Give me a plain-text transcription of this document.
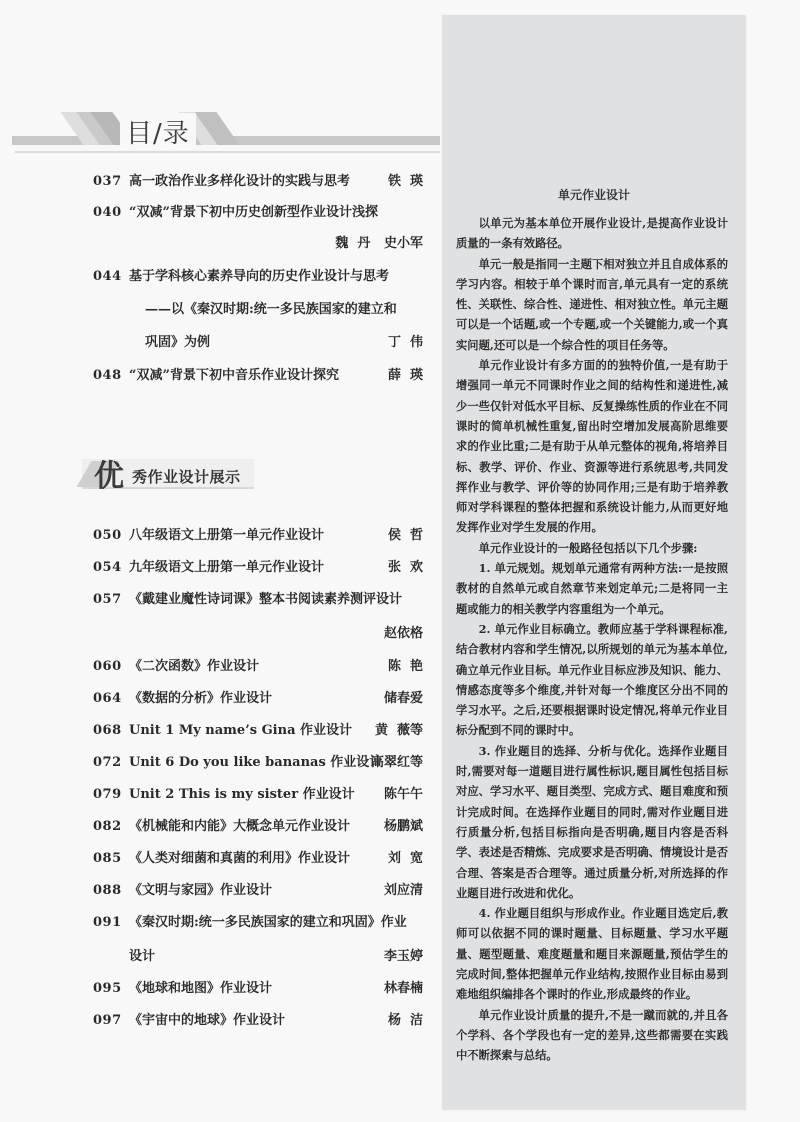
目/录
037 高一政治作业多样化设计的实践与思考	铁  瑛
040 “双减”背景下初中历史创新型作业设计浅探
魏  丹   史小军
044 基于学科核心素养导向的历史作业设计与思考
——以《秦汉时期:统一多民族国家的建立和
巩固》为例	丁  伟
048 “双减”背景下初中音乐作业设计探究	薛  瑛
优 秀作业设计展示
050 八年级语文上册第一单元作业设计	侯  哲
054 九年级语文上册第一单元作业设计	张  欢
057 《戴建业魔性诗词课》整本书阅读素养测评设计
赵依格
060 《二次函数》作业设计	陈  艳
064 《数据的分析》作业设计	储春爱
068 Unit 1 My name’s Gina 作业设计 黄  薇等
072 Unit 6 Do you like bananas 作业设计
高翠红等
079 Unit 2 This is my sister 作业设计 陈午午
082 《机械能和内能》大概念单元作业设计	杨鹏斌
085 《人类对细菌和真菌的利用》作业设计	刘  宽
088 《文明与家园》作业设计	刘应清
091 《秦汉时期:统一多民族国家的建立和巩固》作业
设计	李玉婷
095 《地球和地图》作业设计	林春楠
097 《宇宙中的地球》作业设计	杨  洁
单元作业设计

以单元为基本单位开展作业设计,是提高作业设计质量的一条有效路径。

单元一般是指同一主题下相对独立并且自成体系的学习内容。相较于单个课时而言,单元具有一定的系统性、关联性、综合性、递进性、相对独立性。单元主题可以是一个话题,或一个专题,或一个关键能力,或一个真实问题,还可以是一个综合性的项目任务等。

单元作业设计有多方面的的独特价值,一是有助于增强同一单元不同课时作业之间的结构性和递进性,减少一些仅针对低水平目标、反复操练性质的作业在不同课时的简单机械性重复,留出时空增加发展高阶思维要求的作业比重;二是有助于从单元整体的视角,将培养目标、教学、评价、作业、资源等进行系统思考,共同发挥作业与教学、评价等的协同作用;三是有助于培养教师对学科课程的整体把握和系统设计能力,从而更好地发挥作业对学生发展的作用。

单元作业设计的一般路径包括以下几个步骤:

1. 单元规划。规划单元通常有两种方法:一是按照教材的自然单元或自然章节来划定单元;二是将同一主题或能力的相关教学内容重组为一个单元。

2. 单元作业目标确立。教师应基于学科课程标准,结合教材内容和学生情况,以所规划的单元为基本单位,确立单元作业目标。单元作业目标应涉及知识、能力、情感态度等多个维度,并针对每一个维度区分出不同的学习水平。之后,还要根据课时设定情况,将单元作业目标分配到不同的课时中。

3. 作业题目的选择、分析与优化。选择作业题目时,需要对每一道题目进行属性标识,题目属性包括目标对应、学习水平、题目类型、完成方式、题目难度和预计完成时间。在选择作业题目的同时,需对作业题目进行质量分析,包括目标指向是否明确,题目内容是否科学、表述是否精炼、完成要求是否明确、情境设计是否合理、答案是否合理等。通过质量分析,对所选择的作业题目进行改进和优化。

4. 作业题目组织与形成作业。作业题目选定后,教师可以依据不同的课时题量、目标题量、学习水平题量、题型题量、难度题量和题目来源题量,预估学生的完成时间,整体把握单元作业结构,按照作业目标由易到难地组织编排各个课时的作业,形成最终的作业。

单元作业设计质量的提升,不是一蹴而就的,并且各个学科、各个学段也有一定的差异,这些都需要在实践中不断探索与总结。
